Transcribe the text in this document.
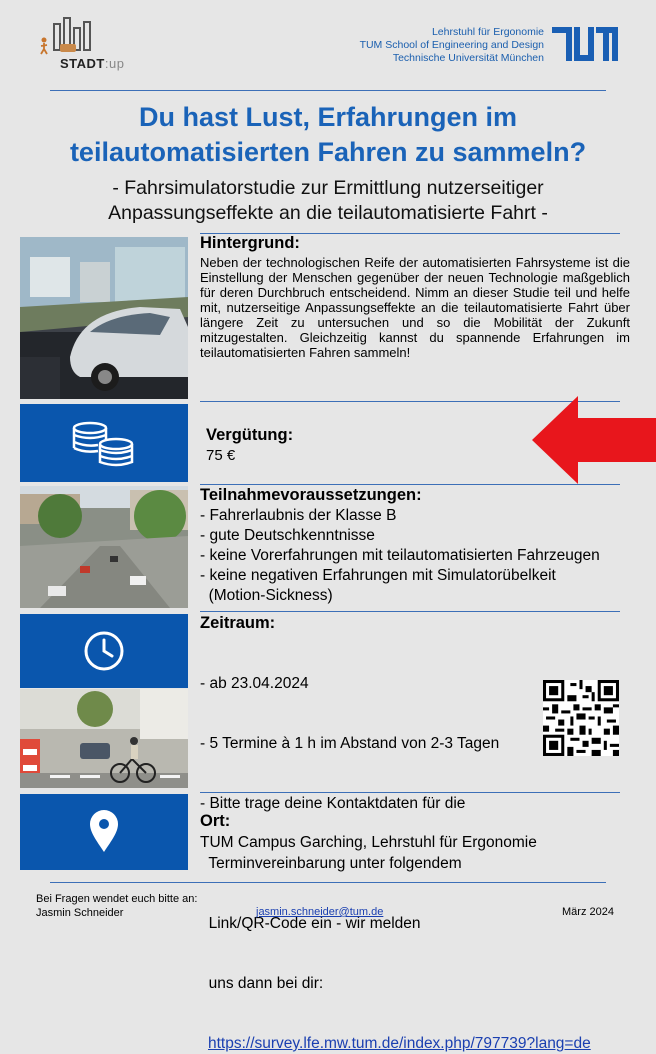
STADT:up
Lehrstuhl für Ergonomie
TUM School of Engineering and Design
Technische Universität München
Du hast Lust, Erfahrungen im
teilautomatisierten Fahren zu sammeln?
- Fahrsimulatorstudie zur Ermittlung nutzerseitiger
Anpassungseffekte an die teilautomatisierte Fahrt -
Hintergrund:
Neben der technologischen Reife der automatisierten Fahrsysteme ist die Einstellung der Menschen gegenüber der neuen Technologie maßgeblich für deren Durchbruch entscheidend. Nimm an dieser Studie teil und helfe mit, nutzerseitige Anpassungseffekte an die teilautomatisierte Fahrt über längere Zeit zu untersuchen und so die Mobilität der Zukunft mitzugestalten. Gleichzeitig kannst du spannende Erfahrungen im teilautomatisierten Fahren sammeln!
Vergütung:
75 €
Teilnahmevoraussetzungen:
- Fahrerlaubnis der Klasse B
- gute Deutschkenntnisse
- keine Vorerfahrungen mit teilautomatisierten Fahrzeugen
- keine negativen Erfahrungen mit Simulatorübelkeit
(Motion-Sickness)
Zeitraum:

- ab 23.04.2024

- 5 Termine à 1 h im Abstand von 2-3 Tagen

- Bitte trage deine Kontaktdaten für die

Terminvereinbarung unter folgendem

Link/QR-Code ein - wir melden

uns dann bei dir:

https://survey.lfe.mw.tum.de/index.php/797739?lang=de
Ort:
TUM Campus Garching, Lehrstuhl für Ergonomie
Bei Fragen wendet euch bitte an:
Jasmin Schneider	jasmin.schneider@tum.de	März 2024
